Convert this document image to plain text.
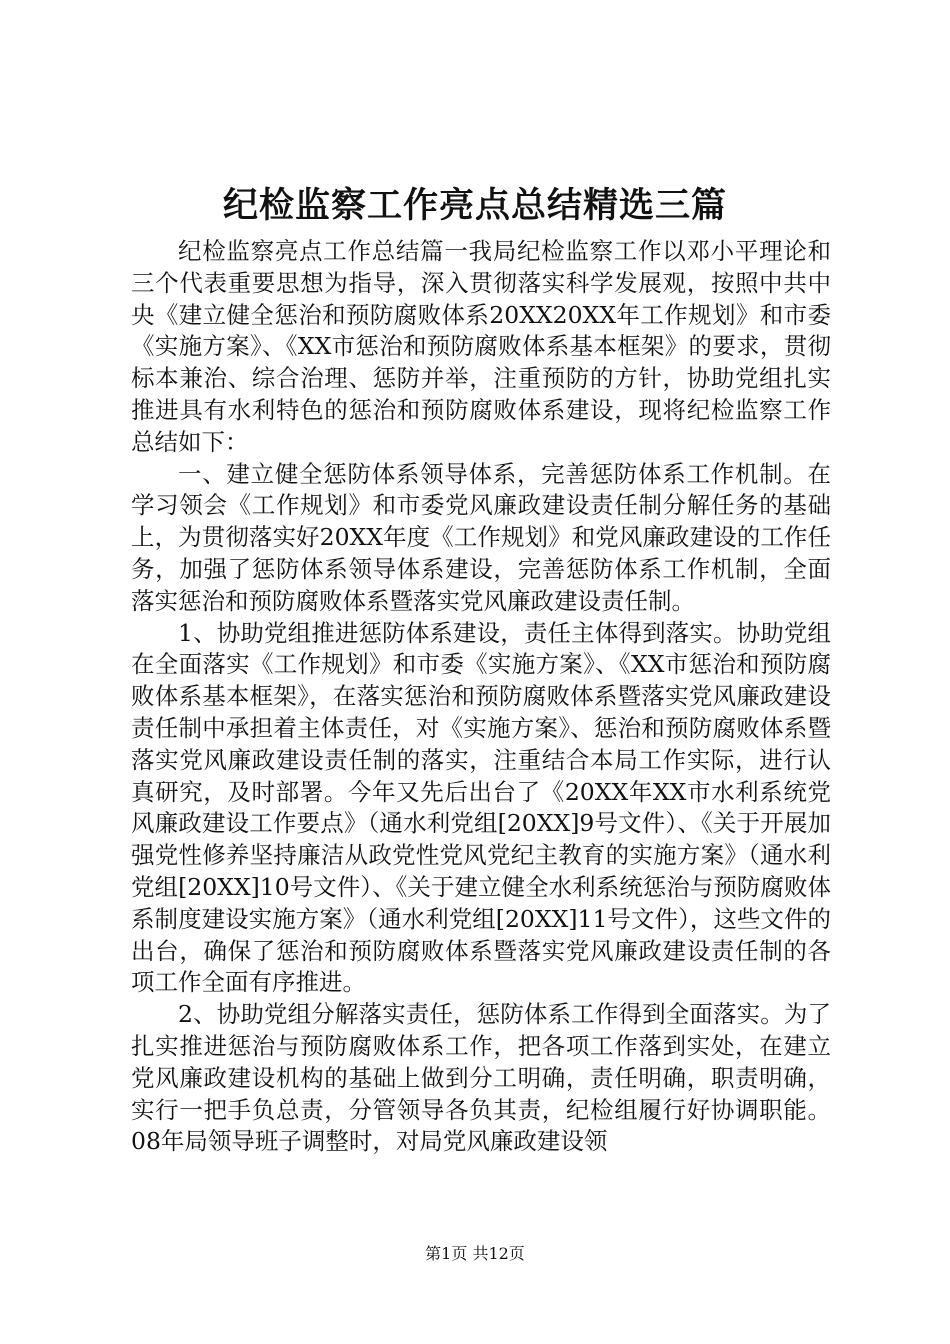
纪检监察工作亮点总结精选三篇

纪检监察亮点工作总结篇一我局纪检监察工作以邓小平理论和三个代表重要思想为指导，深入贯彻落实科学发展观，按照中共中央《建立健全惩治和预防腐败体系20XX20XX年工作规划》和市委《实施方案》、《XX市惩治和预防腐败体系基本框架》的要求，贯彻标本兼治、综合治理、惩防并举，注重预防的方针，协助党组扎实推进具有水利特色的惩治和预防腐败体系建设，现将纪检监察工作总结如下：

一、建立健全惩防体系领导体系，完善惩防体系工作机制。在学习领会《工作规划》和市委党风廉政建设责任制分解任务的基础上，为贯彻落实好20XX年度《工作规划》和党风廉政建设的工作任务，加强了惩防体系领导体系建设，完善惩防体系工作机制，全面落实惩治和预防腐败体系暨落实党风廉政建设责任制。

1、协助党组推进惩防体系建设，责任主体得到落实。协助党组在全面落实《工作规划》和市委《实施方案》、《XX市惩治和预防腐败体系基本框架》，在落实惩治和预防腐败体系暨落实党风廉政建设责任制中承担着主体责任，对《实施方案》、惩治和预防腐败体系暨落实党风廉政建设责任制的落实，注重结合本局工作实际，进行认真研究，及时部署。今年又先后出台了《20XX年XX市水利系统党风廉政建设工作要点》（通水利党组[20XX]9号文件）、《关于开展加强党性修养坚持廉洁从政党性党风党纪主教育的实施方案》（通水利党组[20XX]10号文件）、《关于建立健全水利系统惩治与预防腐败体系制度建设实施方案》（通水利党组[20XX]11号文件），这些文件的出台，确保了惩治和预防腐败体系暨落实党风廉政建设责任制的各项工作全面有序推进。

2、协助党组分解落实责任，惩防体系工作得到全面落实。为了扎实推进惩治与预防腐败体系工作，把各项工作落到实处，在建立党风廉政建设机构的基础上做到分工明确，责任明确，职责明确，实行一把手负总责，分管领导各负其责，纪检组履行好协调职能。08年局领导班子调整时，对局党风廉政建设领

第1页 共12页
